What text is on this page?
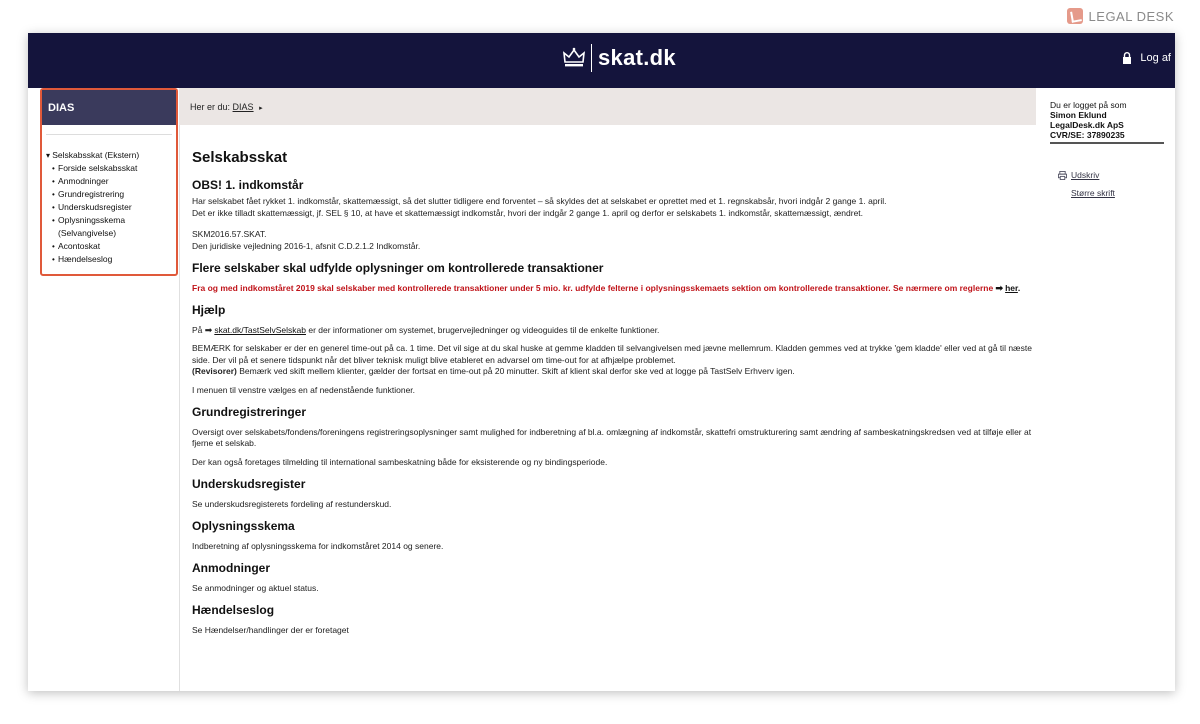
LEGAL DESK
skat.dk	Log af
DIAS
▾ Selskabsskat (Ekstern)
• Forside selskabsskat
• Anmodninger
• Grundregistrering
• Underskudsregister
• Oplysningsskema (Selvangivelse)
• Acontoskat
• Hændelseslog
Her er du: DIAS ▸
Selskabsskat
OBS! 1. indkomstår

Har selskabet fået rykket 1. indkomstår, skattemæssigt, så det slutter tidligere end forventet – så skyldes det at selskabet er oprettet med et 1. regnskabsår, hvori indgår 2 gange 1. april.
Det er ikke tilladt skattemæssigt, jf. SEL § 10, at have et skattemæssigt indkomstår, hvori der indgår 2 gange 1. april og derfor er selskabets 1. indkomstår, skattemæssigt, ændret.

SKM2016.57.SKAT.
Den juridiske vejledning 2016-1, afsnit C.D.2.1.2 Indkomstår.

Flere selskaber skal udfylde oplysninger om kontrollerede transaktioner

Fra og med indkomståret 2019 skal selskaber med kontrollerede transaktioner under 5 mio. kr. udfylde felterne i oplysningsskemaets sektion om kontrollerede transaktioner. Se nærmere om reglerne ➡ her.

Hjælp

På ➡ skat.dk/TastSelvSelskab er der informationer om systemet, brugervejledninger og videoguides til de enkelte funktioner.

BEMÆRK for selskaber er der en generel time-out på ca. 1 time. Det vil sige at du skal huske at gemme kladden til selvangivelsen med jævne mellemrum. Kladden gemmes ved at trykke 'gem kladde' eller ved at gå til næste side. Der vil på et senere tidspunkt når det bliver teknisk muligt blive etableret en advarsel om time-out for at afhjælpe problemet.
(Revisorer) Bemærk ved skift mellem klienter, gælder der fortsat en time-out på 20 minutter. Skift af klient skal derfor ske ved at logge på TastSelv Erhverv igen.

I menuen til venstre vælges en af nedenstående funktioner.

Grundregistreringer

Oversigt over selskabets/fondens/foreningens registreringsoplysninger samt mulighed for indberetning af bl.a. omlægning af indkomstår, skattefri omstrukturering samt ændring af sambeskatningskredsen ved at tilføje eller at fjerne et selskab.

Der kan også foretages tilmelding til international sambeskatning både for eksisterende og ny bindingsperiode.

Underskudsregister

Se underskudsregisterets fordeling af restunderskud.

Oplysningsskema

Indberetning af oplysningsskema for indkomståret 2014 og senere.

Anmodninger

Se anmodninger og aktuel status.

Hændelseslog

Se Hændelser/handlinger der er foretaget

Du er logget på som
Simon Eklund
LegalDesk.dk ApS
CVR/SE: 37890235
Udskriv
Større skrift
